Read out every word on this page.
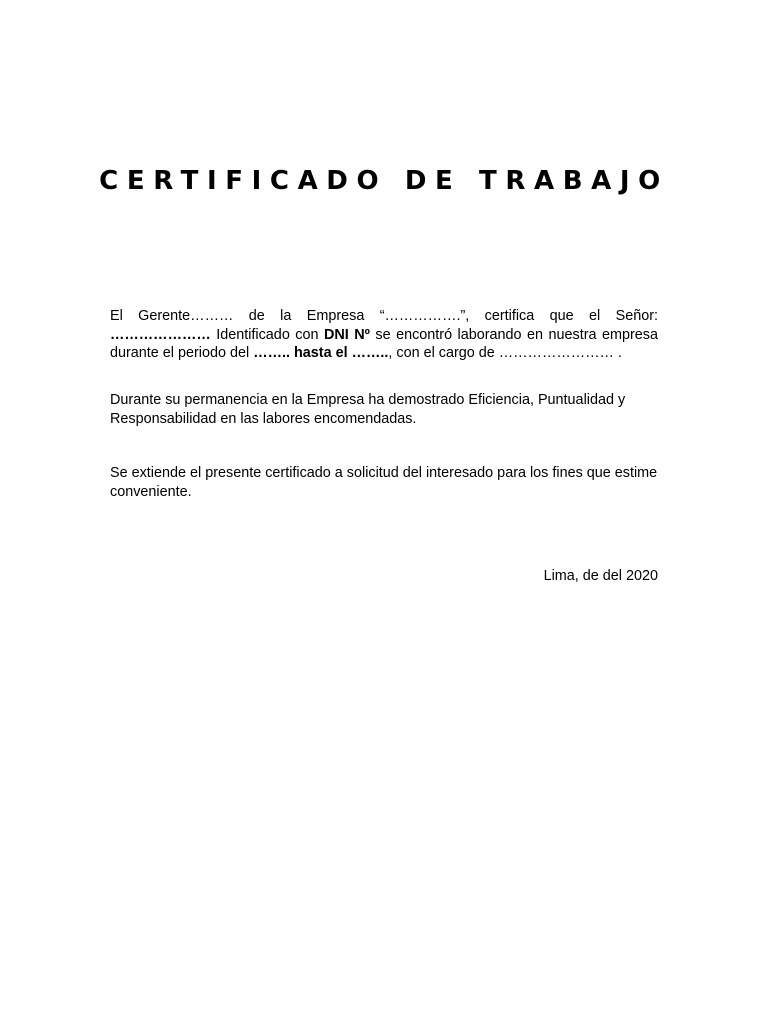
CERTIFICADO DE TRABAJO

El Gerente……… de la Empresa “…………….”, certifica que el Señor: ………………… Identificado con DNI Nº se encontró laborando en nuestra empresa durante el periodo del …….. hasta el …….., con el cargo de …………………… .

Durante su permanencia en la Empresa ha demostrado Eficiencia, Puntualidad y Responsabilidad en las labores encomendadas.

Se extiende el presente certificado a solicitud del interesado para los fines que estime conveniente.

Lima, de del 2020
